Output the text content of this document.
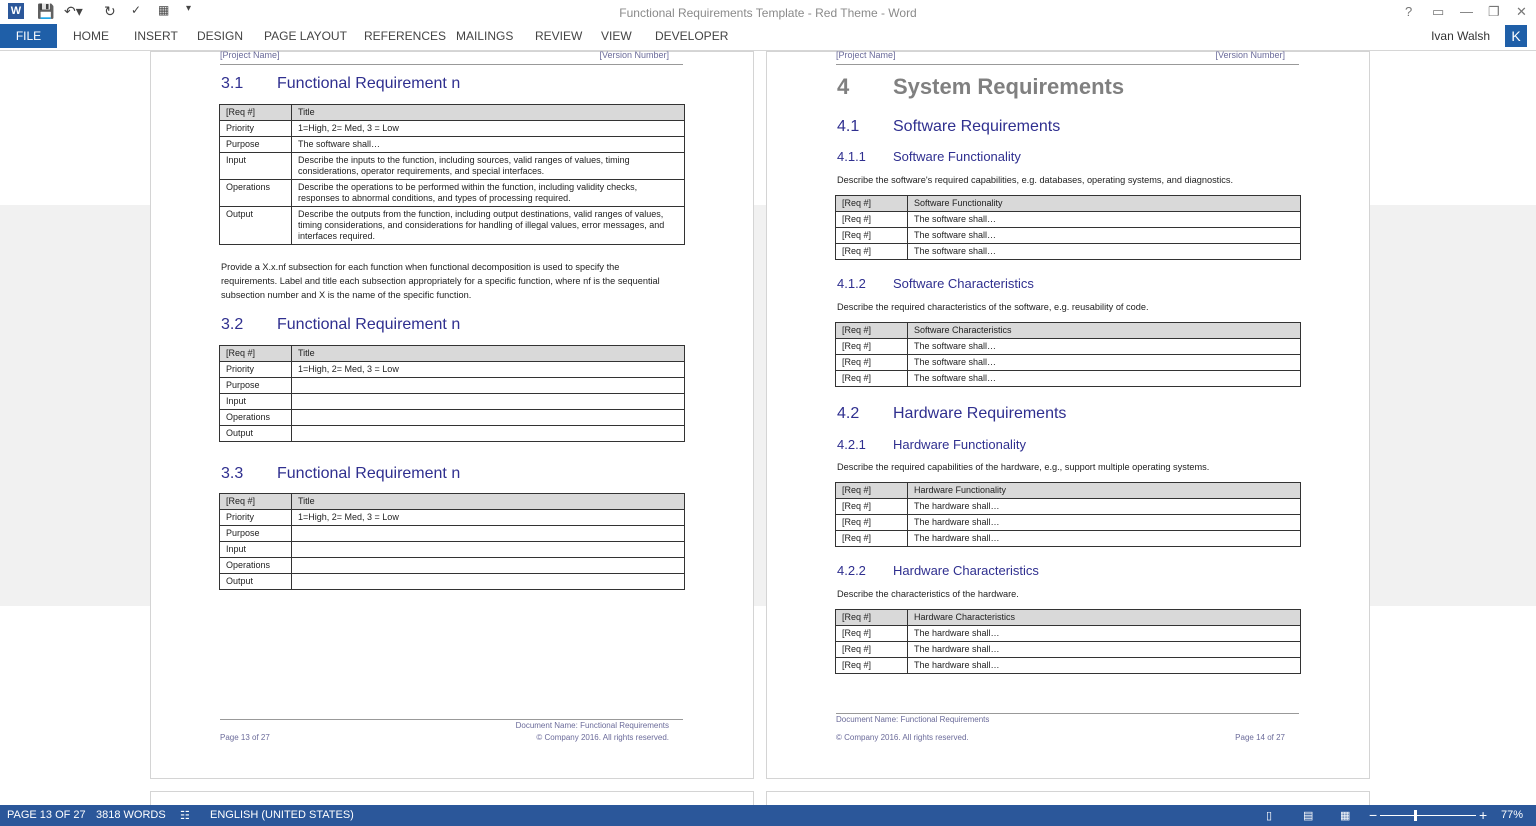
W 💾 ↶▾ ↻ ✓ ▦ ▾	Functional Requirements Template - Red Theme - Word	? ▭ — ❐ ✕
FILE	HOME INSERT DESIGN PAGE LAYOUT REFERENCES MAILINGS REVIEW VIEW DEVELOPER	Ivan Walsh	K
[Project Name]	[Version Number]
3.1 Functional Requirement n
[Req #]	Title
Priority	1=High, 2= Med, 3 = Low
Purpose	The software shall…
Input	Describe the inputs to the function, including sources, valid ranges of values, timing considerations, operator requirements, and special interfaces.
Operations	Describe the operations to be performed within the function, including validity checks, responses to abnormal conditions, and types of processing required.
Output	Describe the outputs from the function, including output destinations, valid ranges of values, timing considerations, and considerations for handling of illegal values, error messages, and interfaces required.
Provide a X.x.nf subsection for each function when functional decomposition is used to specify the requirements. Label and title each subsection appropriately for a specific function, where nf is the sequential subsection number and X is the name of the specific function.
3.2 Functional Requirement n
[Req #]	Title
Priority	1=High, 2= Med, 3 = Low
Purpose	
Input	
Operations	
Output	
3.3 Functional Requirement n
[Req #]	Title
Priority	1=High, 2= Med, 3 = Low
Purpose	
Input	
Operations	
Output	
Document Name: Functional Requirements
Page 13 of 27	© Company 2016. All rights reserved.
[Project Name]	[Version Number]
4 System Requirements
4.1 Software Requirements
4.1.1 Software Functionality
Describe the software's required capabilities, e.g. databases, operating systems, and diagnostics.
[Req #]	Software Functionality
[Req #]	The software shall…
[Req #]	The software shall…
[Req #]	The software shall…
4.1.2 Software Characteristics
Describe the required characteristics of the software, e.g. reusability of code.
[Req #]	Software Characteristics
[Req #]	The software shall…
[Req #]	The software shall…
[Req #]	The software shall…
4.2 Hardware Requirements
4.2.1 Hardware Functionality
Describe the required capabilities of the hardware, e.g., support multiple operating systems.
[Req #]	Hardware Functionality
[Req #]	The hardware shall…
[Req #]	The hardware shall…
[Req #]	The hardware shall…
4.2.2 Hardware Characteristics
Describe the characteristics of the hardware.
[Req #]	Hardware Characteristics
[Req #]	The hardware shall…
[Req #]	The hardware shall…
[Req #]	The hardware shall…
Document Name: Functional Requirements
© Company 2016. All rights reserved.	Page 14 of 27
PAGE 13 OF 27 3818 WORDS ☷ ENGLISH (UNITED STATES)	▯	▤ ▦ −	+ 77%
